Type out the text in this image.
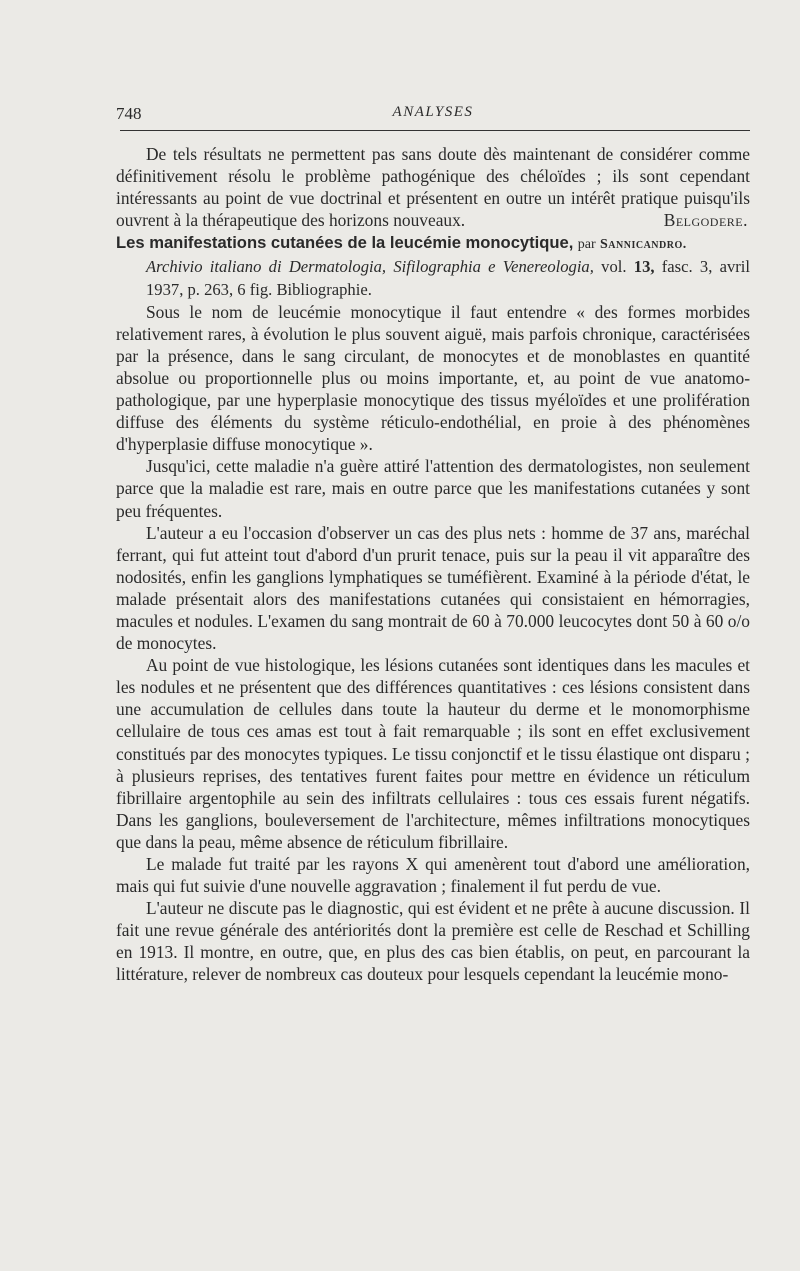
748	ANALYSES

De tels résultats ne permettent pas sans doute dès maintenant de considérer comme définitivement résolu le problème pathogénique des chéloïdes ; ils sont cependant intéressants au point de vue doctrinal et présentent en outre un intérêt pratique puisqu'ils ouvrent à la thérapeutique des horizons nouveaux.	Belgodere.

Les manifestations cutanées de la leucémie monocytique, par Sannicandro.

Archivio italiano di Dermatologia, Sifilographia e Venereologia, vol. 13, fasc. 3, avril 1937, p. 263, 6 fig. Bibliographie.

Sous le nom de leucémie monocytique il faut entendre « des formes morbides relativement rares, à évolution le plus souvent aiguë, mais parfois chronique, caractérisées par la présence, dans le sang circulant, de monocytes et de monoblastes en quantité absolue ou proportionnelle plus ou moins importante, et, au point de vue anatomo-pathologique, par une hyperplasie monocytique des tissus myéloïdes et une prolifération diffuse des éléments du système réticulo-endothélial, en proie à des phénomènes d'hyperplasie diffuse monocytique ».

Jusqu'ici, cette maladie n'a guère attiré l'attention des dermatologistes, non seulement parce que la maladie est rare, mais en outre parce que les manifestations cutanées y sont peu fréquentes.

L'auteur a eu l'occasion d'observer un cas des plus nets : homme de 37 ans, maréchal ferrant, qui fut atteint tout d'abord d'un prurit tenace, puis sur la peau il vit apparaître des nodosités, enfin les ganglions lymphatiques se tuméfièrent. Examiné à la période d'état, le malade présentait alors des manifestations cutanées qui consistaient en hémorragies, macules et nodules. L'examen du sang montrait de 60 à 70.000 leucocytes dont 50 à 60 o/o de monocytes.

Au point de vue histologique, les lésions cutanées sont identiques dans les macules et les nodules et ne présentent que des différences quantitatives : ces lésions consistent dans une accumulation de cellules dans toute la hauteur du derme et le monomorphisme cellulaire de tous ces amas est tout à fait remarquable ; ils sont en effet exclusivement constitués par des monocytes typiques. Le tissu conjonctif et le tissu élastique ont disparu ; à plusieurs reprises, des tentatives furent faites pour mettre en évidence un réticulum fibrillaire argentophile au sein des infiltrats cellulaires : tous ces essais furent négatifs. Dans les ganglions, bouleversement de l'architecture, mêmes infiltrations monocytiques que dans la peau, même absence de réticulum fibrillaire.

Le malade fut traité par les rayons X qui amenèrent tout d'abord une amélioration, mais qui fut suivie d'une nouvelle aggravation ; finalement il fut perdu de vue.

L'auteur ne discute pas le diagnostic, qui est évident et ne prête à aucune discussion. Il fait une revue générale des antériorités dont la première est celle de Reschad et Schilling en 1913. Il montre, en outre, que, en plus des cas bien établis, on peut, en parcourant la littérature, relever de nombreux cas douteux pour lesquels cependant la leucémie mono-
